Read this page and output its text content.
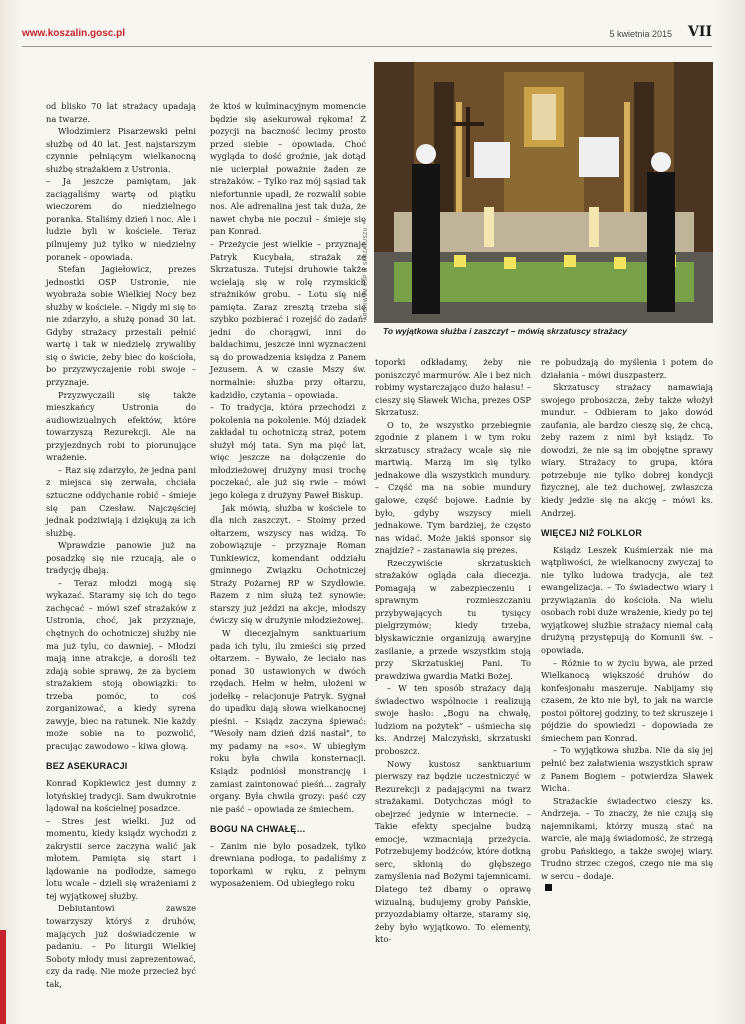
www.koszalin.gosc.pl	5 kwietnia 2015 VII
ARCHIWUM OSP W SKRZATUSZU
To wyjątkowa służba i zaszczyt – mówią skrzatuscy strażacy

od blisko 70 lat strażacy upadają na twarze.

Włodzimierz Pisarzewski pełni służbę od 40 lat. Jest najstarszym czynnie pełniącym wielkanocną służbę strażakiem z Ustronia.

– Ja jeszcze pamiętam, jak zaciągaliśmy wartę od piątku wieczorem do niedzielnego poranka. Staliśmy dzień i noc. Ale i ludzie byli w kościele. Teraz pilnujemy już tylko w niedzielny poranek – opowiada.

Stefan Jagiełowicz, prezes jednostki OSP Ustronie, nie wyobraża sobie Wielkiej Nocy bez służby w kościele. – Nigdy mi się to nie zdarzyło, a służę ponad 30 lat. Gdyby strażacy przestali pełnić wartę i tak w niedzielę zrywaliby się o świcie, żeby biec do kościoła, bo przyzwyczajenie robi swoje – przyznaje.

Przyzwyczaili się także mieszkańcy Ustronia do audiowizualnych efektów, które towarzyszą Rezurekcji. Ale na przyjezdnych robi to piorunujące wrażenie.

– Raz się zdarzyło, że jedna pani z miejsca się zerwała, chciała sztuczne oddychanie robić – śmieje się pan Czesław. Najczęściej jednak podziwiają i dziękują za ich służbę.

Wprawdzie panowie już na posadzkę się nie rzucają, ale o tradycję dbają.

– Teraz młodzi mogą się wykazać. Staramy się ich do tego zachęcać – mówi szef strażaków z Ustronia, choć, jak przyznaje, chętnych do ochotniczej służby nie ma już tylu, co dawniej. – Młodzi mają inne atrakcje, a dorośli też zdają sobie sprawę, że za byciem strażakiem stoją obowiązki: to trzeba pomóc, to coś zorganizować, a kiedy syrena zawyje, biec na ratunek. Nie każdy może sobie na to pozwolić, pracując zawodowo – kiwa głową.

BEZ ASEKURACJI

Konrad Kopkiewicz jest dumny z lotyńskiej tradycji. Sam dwukrotnie lądował na kościelnej posadzce.

– Stres jest wielki. Już od momentu, kiedy ksiądz wychodzi z zakrystii serce zaczyna walić jak młotem. Pamięta się start i lądowanie na podłodze, samego lotu wcale – dzieli się wrażeniami z tej wyjątkowej służby.

Debiutantowi zawsze towarzyszy któryś z druhów, mających już doświadczenie w padaniu. – Po liturgii Wielkiej Soboty młody musi zaprezentować, czy da radę. Nie może przecież być tak,

że ktoś w kulminacyjnym momencie będzie się asekurował rękoma! Z pozycji na baczność lecimy prosto przed siebie – opowiada. Choć wygląda to dość groźnie, jak dotąd nie ucierpiał poważnie żaden ze strażaków. – Tylko raz mój sąsiad tak niefortunnie upadł, że rozwalił sobie nos. Ale adrenalina jest tak duża, że nawet chyba nie poczuł – śmieje się pan Konrad.

– Przeżycie jest wielkie – przyznaje Patryk Kucybała, strażak ze Skrzatusza. Tutejsi druhowie także wcielają się w rolę rzymskich strażników grobu. – Lotu się nie pamięta. Zaraz zresztą trzeba się szybko pozbierać i rozejść do zadań: jedni do chorągwi, inni do baldachimu, jeszcze inni wyznaczeni są do prowadzenia księdza z Panem Jezusem. A w czasie Mszy św. normalnie: służba przy ołtarzu, kadzidło, czytania – opowiada.

– To tradycja, która przechodzi z pokolenia na pokolenie. Mój dziadek zakładał tu ochotniczą straż, potem służył mój tata. Syn ma pięć lat, więc jeszcze na dołączenie do młodzieżowej drużyny musi trochę poczekać, ale już się rwie – mówi jego kolega z drużyny Paweł Biskup.

Jak mówią, służba w kościele to dla nich zaszczyt. – Stoimy przed ołtarzem, wszyscy nas widzą. To zobowiązuje – przyznaje Roman Tunkiewicz, komendant oddziału gminnego Związku Ochotniczej Straży Pożarnej RP w Szydłowie. Razem z nim służą też synowie: starszy już jeździ na akcje, młodszy ćwiczy się w drużynie młodzieżowej.

W diecezjalnym sanktuarium pada ich tylu, ilu zmieści się przed ołtarzem. – Bywało, że leciało nas ponad 30 ustawionych w dwóch rzędach. Hełm w hełm, ułożeni w jodełkę – relacjonuje Patryk. Sygnał do upadku dają słowa wielkanocnej pieśni. – Ksiądz zaczyna śpiewać: "Wesoły nam dzień dziś nastał", to my padamy na »so«. W ubiegłym roku była chwila konsternacji. Ksiądz podniósł monstrancję i zamiast zaintonować pieśń… zagrały organy. Była chwila grozy: paść czy nie paść – opowiada ze śmiechem.

BOGU NA CHWAŁĘ…

– Zanim nie było posadzek, tylko drewniana podłoga, to padaliśmy z toporkami w ręku, z pełnym wyposażeniem. Od ubiegłego roku

toporki odkładamy, żeby nie poniszczyć marmurów. Ale i bez nich robimy wystarczająco dużo hałasu! – cieszy się Sławek Wicha, prezes OSP Skrzatusz.

O to, że wszystko przebiegnie zgodnie z planem i w tym roku skrzatuscy strażacy wcale się nie martwią. Marzą im się tylko jednakowe dla wszystkich mundury. – Część ma na sobie mundury galowe, część bojowe. Ładnie by było, gdyby wszyscy mieli jednakowe. Tym bardziej, że często nas widać. Może jakiś sponsor się znajdzie? – zastanawia się prezes.

Rzeczywiście skrzatuskich strażaków ogląda cała diecezja. Pomagają w zabezpieczeniu i sprawnym rozmieszczaniu przybywających tu tysięcy pielgrzymów; kiedy trzeba, błyskawicznie organizują awaryjne zasilanie, a przede wszystkim stoją przy Skrzatuskiej Pani. To prawdziwa gwardia Matki Bożej.

– W ten sposób strażacy dają świadectwo wspólnocie i realizują swoje hasło: „Bogu na chwałę, ludziom na pożytek” – uśmiecha się ks. Andrzej Malczyński, skrzatuski proboszcz.

Nowy kustosz sanktuarium pierwszy raz będzie uczestniczyć w Rezurekcji z padającymi na twarz strażakami. Dotychczas mógł to obejrzeć jedynie w internecie. – Takie efekty specjalne budzą emocje, wzmacniają przeżycia. Potrzebujemy bodźców, które dotkną serc, skłonią do głębszego zamyślenia nad Bożymi tajemnicami. Dlatego też dbamy o oprawę wizualną, budujemy groby Pańskie, przyozdabiamy ołtarze, staramy się, żeby było wyjątkowo. To elementy, kto-

re pobudzają do myślenia i potem do działania – mówi duszpasterz.

Skrzatuscy strażacy namawiają swojego proboszcza, żeby także włożył mundur. – Odbieram to jako dowód zaufania, ale bardzo cieszę się, że chcą, żeby razem z nimi był ksiądz. To dowodzi, że nie są im obojętne sprawy wiary. Strażacy to grupa, która potrzebuje nie tylko dobrej kondycji fizycznej, ale też duchowej, zwłaszcza kiedy jedzie się na akcję – mówi ks. Andrzej.

WIĘCEJ NIŻ FOLKLOR

Ksiądz Leszek Kuśmierzak nie ma wątpliwości, że wielkanocny zwyczaj to nie tylko ludowa tradycja, ale też ewangelizacja. – To świadectwo wiary i przywiązania do kościoła. Na wielu osobach robi duże wrażenie, kiedy po tej wyjątkowej służbie strażacy niemal całą drużyną przystępują do Komunii św. – opowiada.

– Różnie to w życiu bywa, ale przed Wielkanocą większość druhów do konfesjonału maszeruje. Nabijamy się czasem, że kto nie był, to jak na warcie postoi półtorej godziny, to też skruszeje i pójdzie do spowiedzi – dopowiada ze śmiechem pan Konrad.

– To wyjątkowa służba. Nie da się jej pełnić bez załatwienia wszystkich spraw z Panem Bogiem – potwierdza Sławek Wicha.

Strażackie świadectwo cieszy ks. Andrzeja. – To znaczy, że nie czują się najemnikami, którzy muszą stać na warcie, ale mają świadomość, że strzegą grobu Pańskiego, a także swojej wiary. Trudno strzec czegoś, czego nie ma się w sercu – dodaje.
